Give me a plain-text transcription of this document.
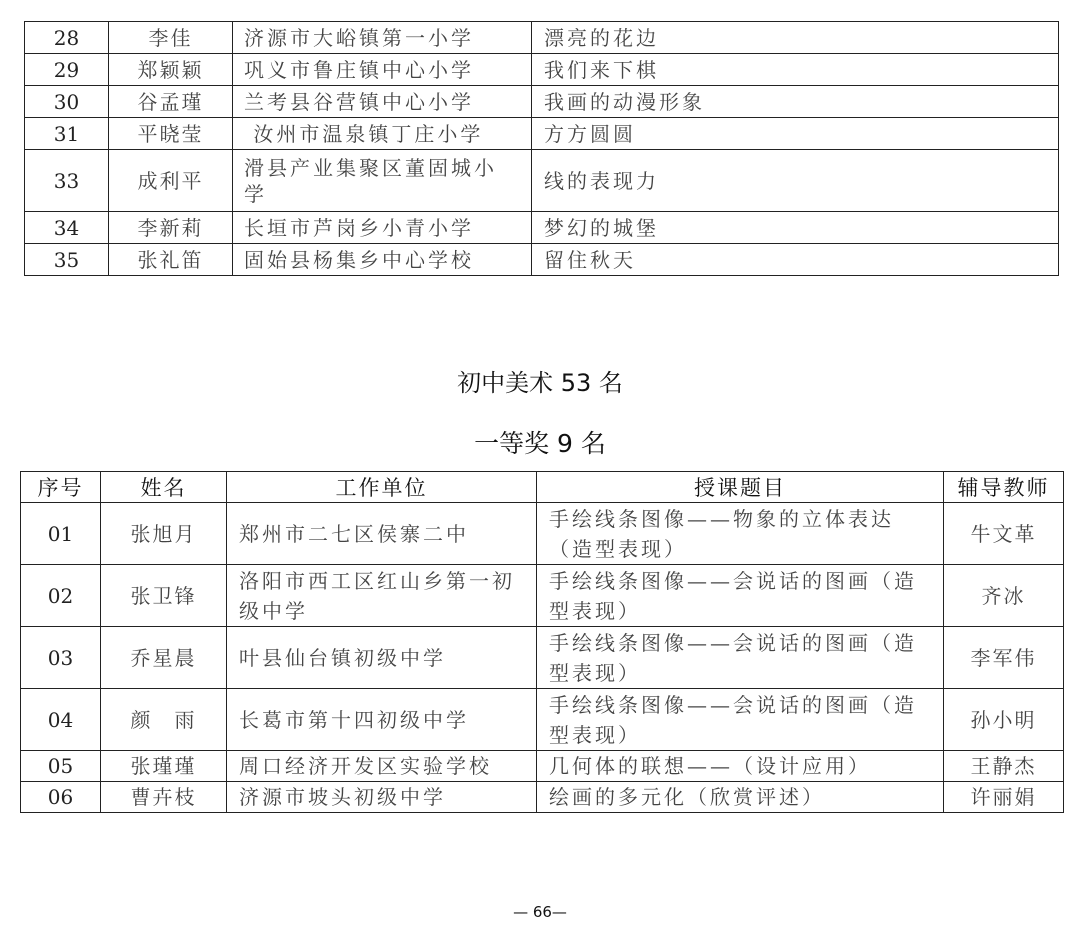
28	李佳	济源市大峪镇第一小学	漂亮的花边
29	郑颖颖	巩义市鲁庄镇中心小学	我们来下棋
30	谷孟瑾	兰考县谷营镇中心小学	我画的动漫形象
31	平晓莹	汝州市温泉镇丁庄小学	方方圆圆
33	成利平	滑县产业集聚区董固城小学	线的表现力
34	李新莉	长垣市芦岗乡小青小学	梦幻的城堡
35	张礼笛	固始县杨集乡中心学校	留住秋天
初中美术 53 名
一等奖 9 名
序号	姓名	工作单位	授课题目	辅导教师
01	张旭月	郑州市二七区侯寨二中	手绘线条图像——物象的立体表达（造型表现）	牛文革
02	张卫锋	洛阳市西工区红山乡第一初级中学	手绘线条图像——会说话的图画（造型表现）	齐冰
03	乔星晨	叶县仙台镇初级中学	手绘线条图像——会说话的图画（造型表现）	李军伟
04	颜　雨	长葛市第十四初级中学	手绘线条图像——会说话的图画（造型表现）	孙小明
05	张瑾瑾	周口经济开发区实验学校	几何体的联想——（设计应用）	王静杰
06	曹卉枝	济源市坡头初级中学	绘画的多元化（欣赏评述）	许丽娟
— 66—
